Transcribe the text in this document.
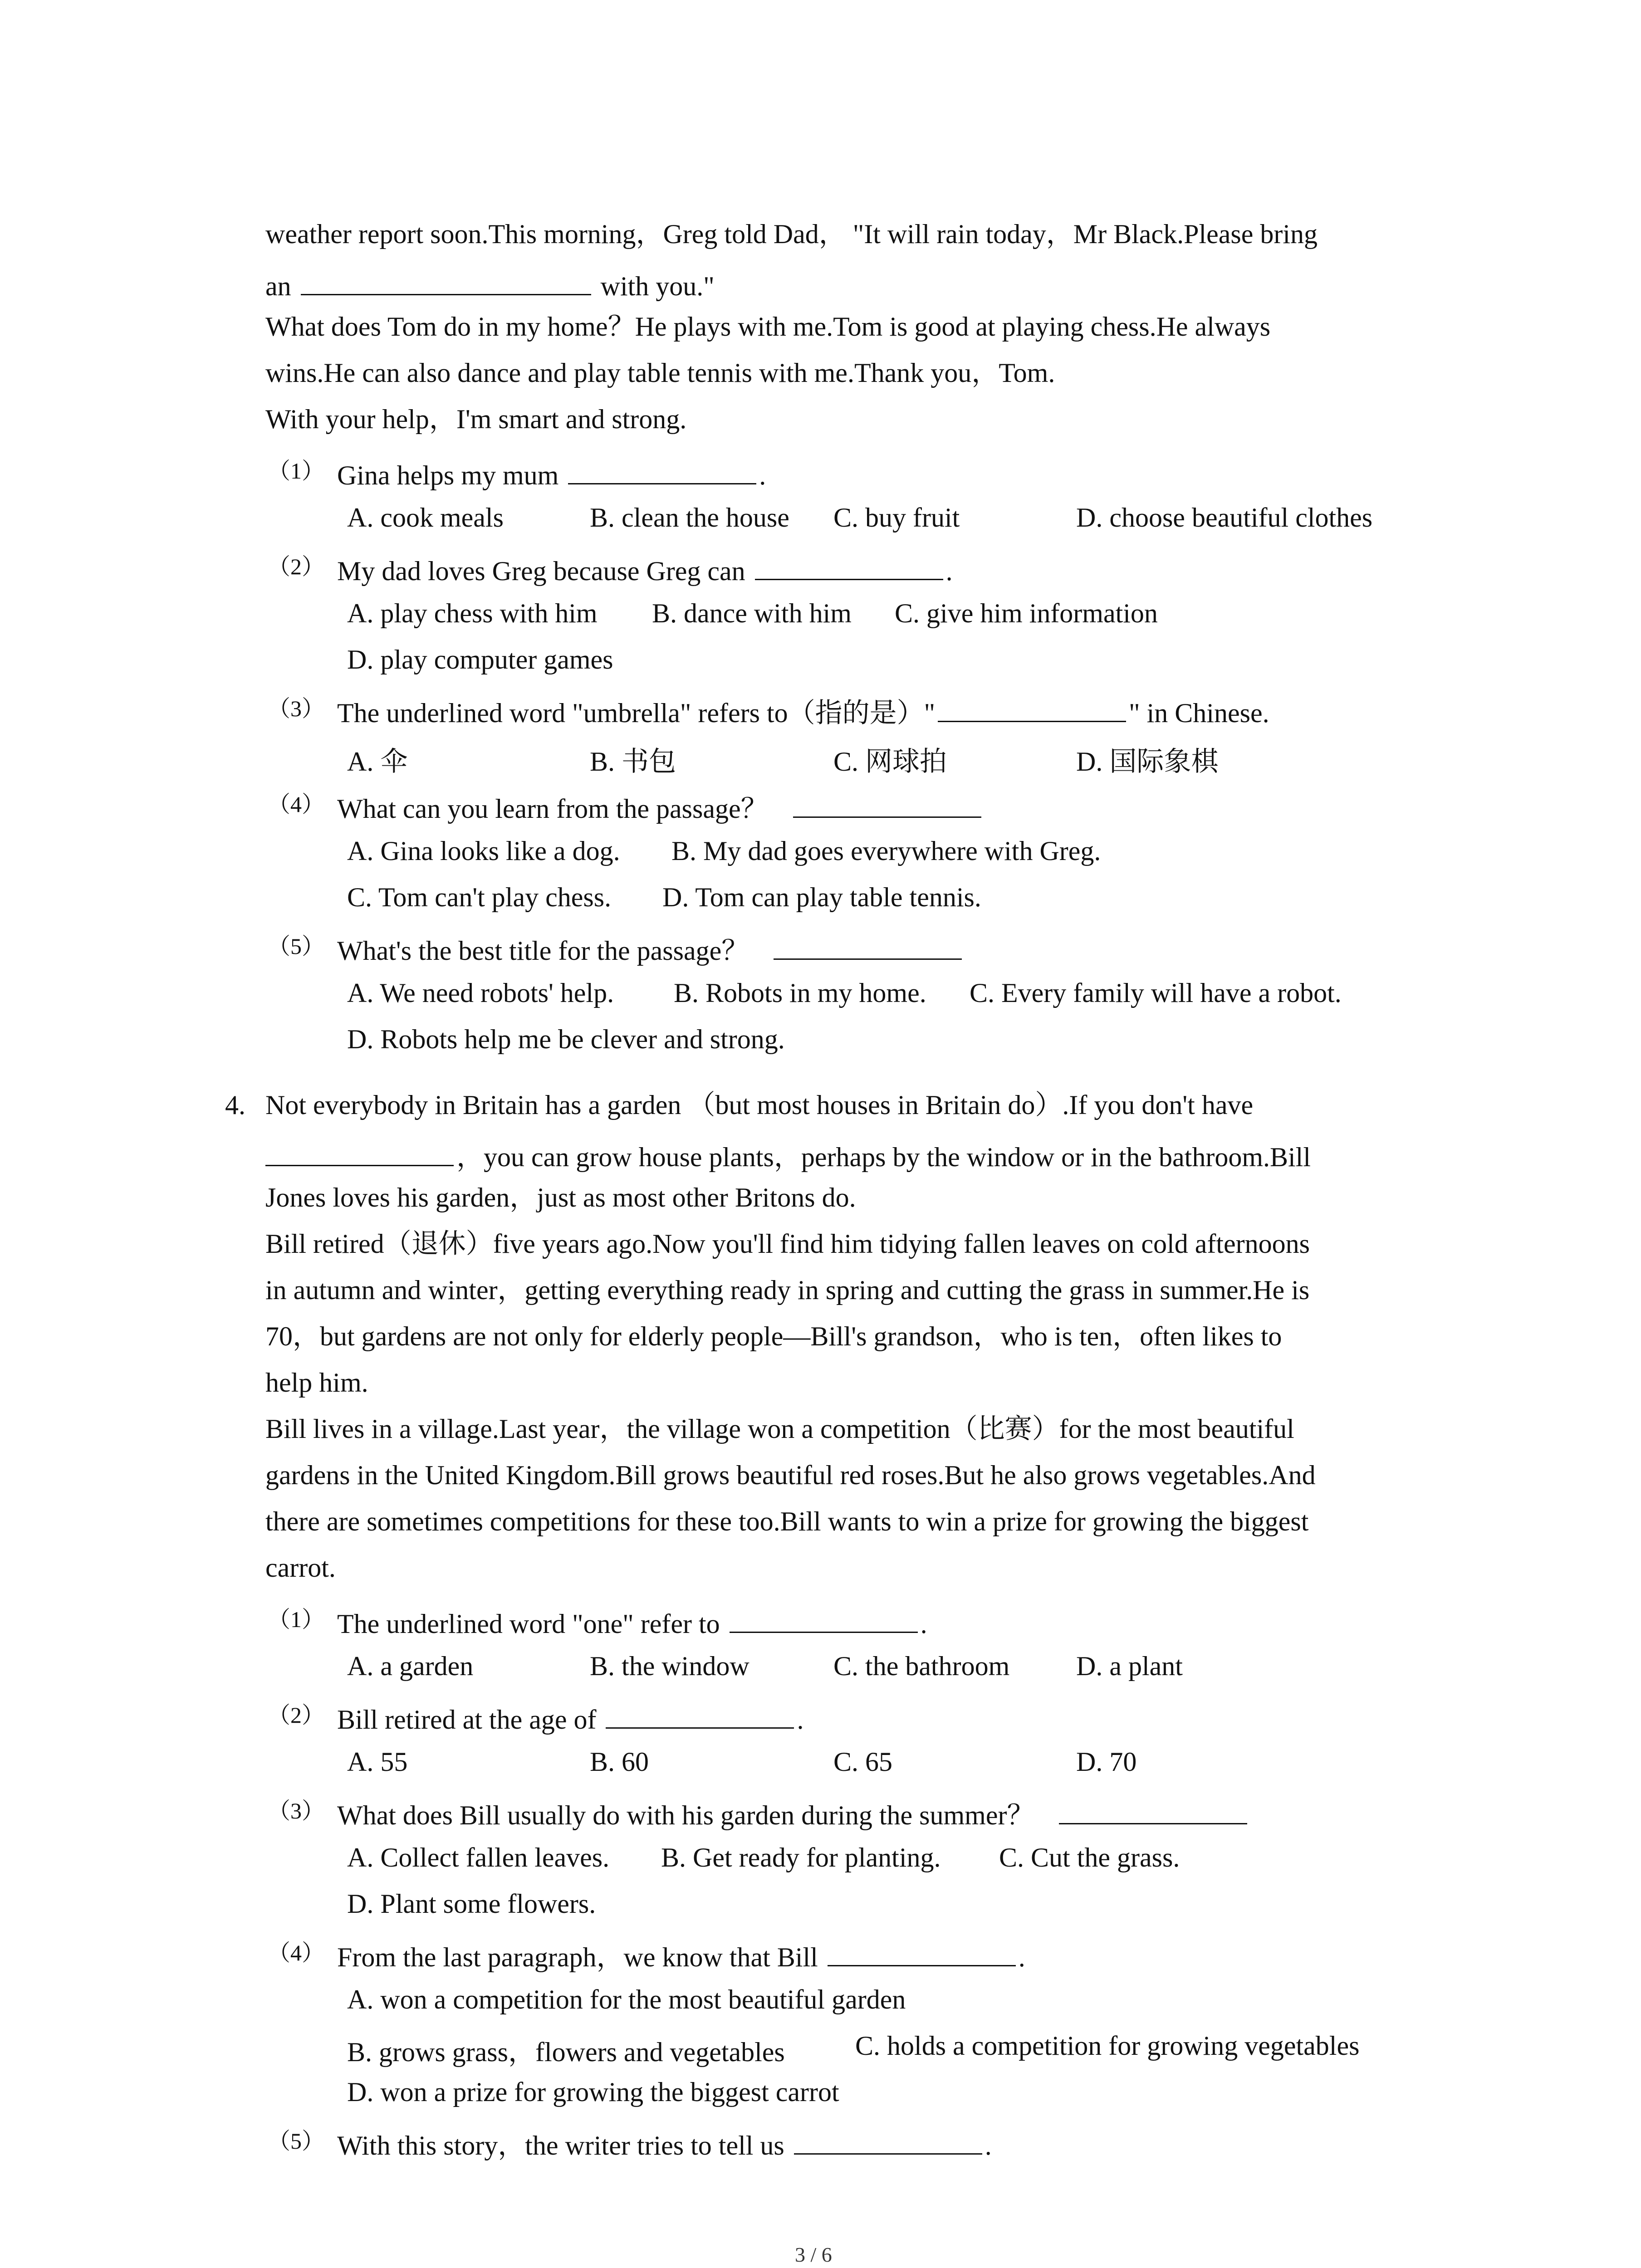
weather report soon.This morning，Greg told Dad， "It will rain today，Mr Black.Please bring
an	with you."
What does Tom do in my home？He plays with me.Tom is good at playing chess.He always
wins.He can also dance and play table tennis with me.Thank you，Tom.
With your help，I'm smart and strong.
（1） Gina helps my mum	.
A. cook meals	B. clean the house C. buy fruit	D. choose beautiful clothes
（2） My dad loves Greg because Greg can	.
A. play chess with him B. dance with him C. give him information
D. play computer games
（3） The underlined word "umbrella" refers to（指的是）"	" in Chinese.
A. 伞	B. 书包	C. 网球拍	D. 国际象棋
（4） What can you learn from the passage？
A. Gina looks like a dog. B. My dad goes everywhere with Greg.
C. Tom can't play chess. D. Tom can play table tennis.
（5） What's the best title for the passage？
A. We need robots' help. B. Robots in my home. C. Every family will have a robot.
D. Robots help me be clever and strong.
4. Not everybody in Britain has a garden （but most houses in Britain do）.If you don't have
，you can grow house plants，perhaps by the window or in the bathroom.Bill
Jones loves his garden，just as most other Britons do.
Bill retired（退休）five years ago.Now you'll find him tidying fallen leaves on cold afternoons
in autumn and winter，getting everything ready in spring and cutting the grass in summer.He is
70，but gardens are not only for elderly people—Bill's grandson，who is ten，often likes to
help him.
Bill lives in a village.Last year，the village won a competition（比赛）for the most beautiful
gardens in the United Kingdom.Bill grows beautiful red roses.But he also grows vegetables.And
there are sometimes competitions for these too.Bill wants to win a prize for growing the biggest
carrot.
（1） The underlined word "one" refer to	.
A. a garden	B. the window	C. the bathroom D. a plant
（2） Bill retired at the age of	.
A. 55	B. 60	C. 65	D. 70
（3） What does Bill usually do with his garden during the summer？
A. Collect fallen leaves. B. Get ready for planting. C. Cut the grass.
D. Plant some flowers.
（4） From the last paragraph，we know that Bill	.
A. won a competition for the most beautiful garden
B. grows grass，flowers and vegetables	C. holds a competition for growing vegetables
D. won a prize for growing the biggest carrot
（5） With this story，the writer tries to tell us	.
3 / 6
